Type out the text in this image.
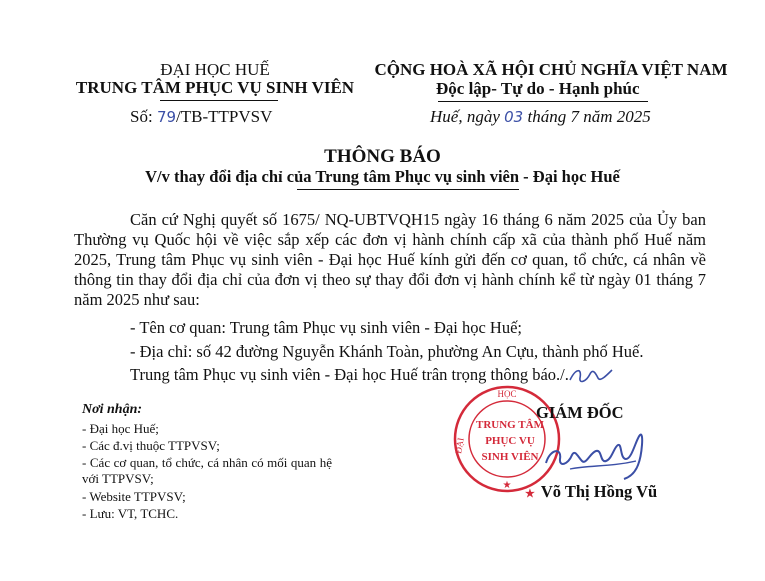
ĐẠI HỌC HUẾ
TRUNG TÂM PHỤC VỤ SINH VIÊN
Số: 79/TB-TTPVSV
CỘNG HOÀ XÃ HỘI CHỦ NGHĨA VIỆT NAM
Độc lập- Tự do - Hạnh phúc
Huế, ngày 03 tháng 7 năm 2025
THÔNG BÁO
V/v thay đổi địa chỉ của Trung tâm Phục vụ sinh viên - Đại học Huế
Căn cứ Nghị quyết số 1675/ NQ-UBTVQH15 ngày 16 tháng 6 năm 2025 của Ủy ban Thường vụ Quốc hội về việc sắp xếp các đơn vị hành chính cấp xã của thành phố Huế năm 2025, Trung tâm Phục vụ sinh viên - Đại học Huế kính gửi đến cơ quan, tổ chức, cá nhân về thông tin thay đổi địa chỉ của đơn vị theo sự thay đổi đơn vị hành chính kể từ ngày 01 tháng 7 năm 2025 như sau:
- Tên cơ quan: Trung tâm Phục vụ sinh viên - Đại học Huế;
- Địa chỉ: số 42 đường Nguyễn Khánh Toàn, phường An Cựu, thành phố Huế.
Trung tâm Phục vụ sinh viên - Đại học Huế trân trọng thông báo./.
Nơi nhận:
- Đại học Huế;
- Các đ.vị thuộc TTPVSV;
- Các cơ quan, tổ chức, cá nhân có mối quan hệ với TTPVSV;
- Website TTPVSV;
- Lưu: VT, TCHC.
HỌC
ĐẠI
TRUNG TÂM
PHỤC VỤ
SINH VIÊN
★
GIÁM ĐỐC
★ Võ Thị Hồng Vũ
